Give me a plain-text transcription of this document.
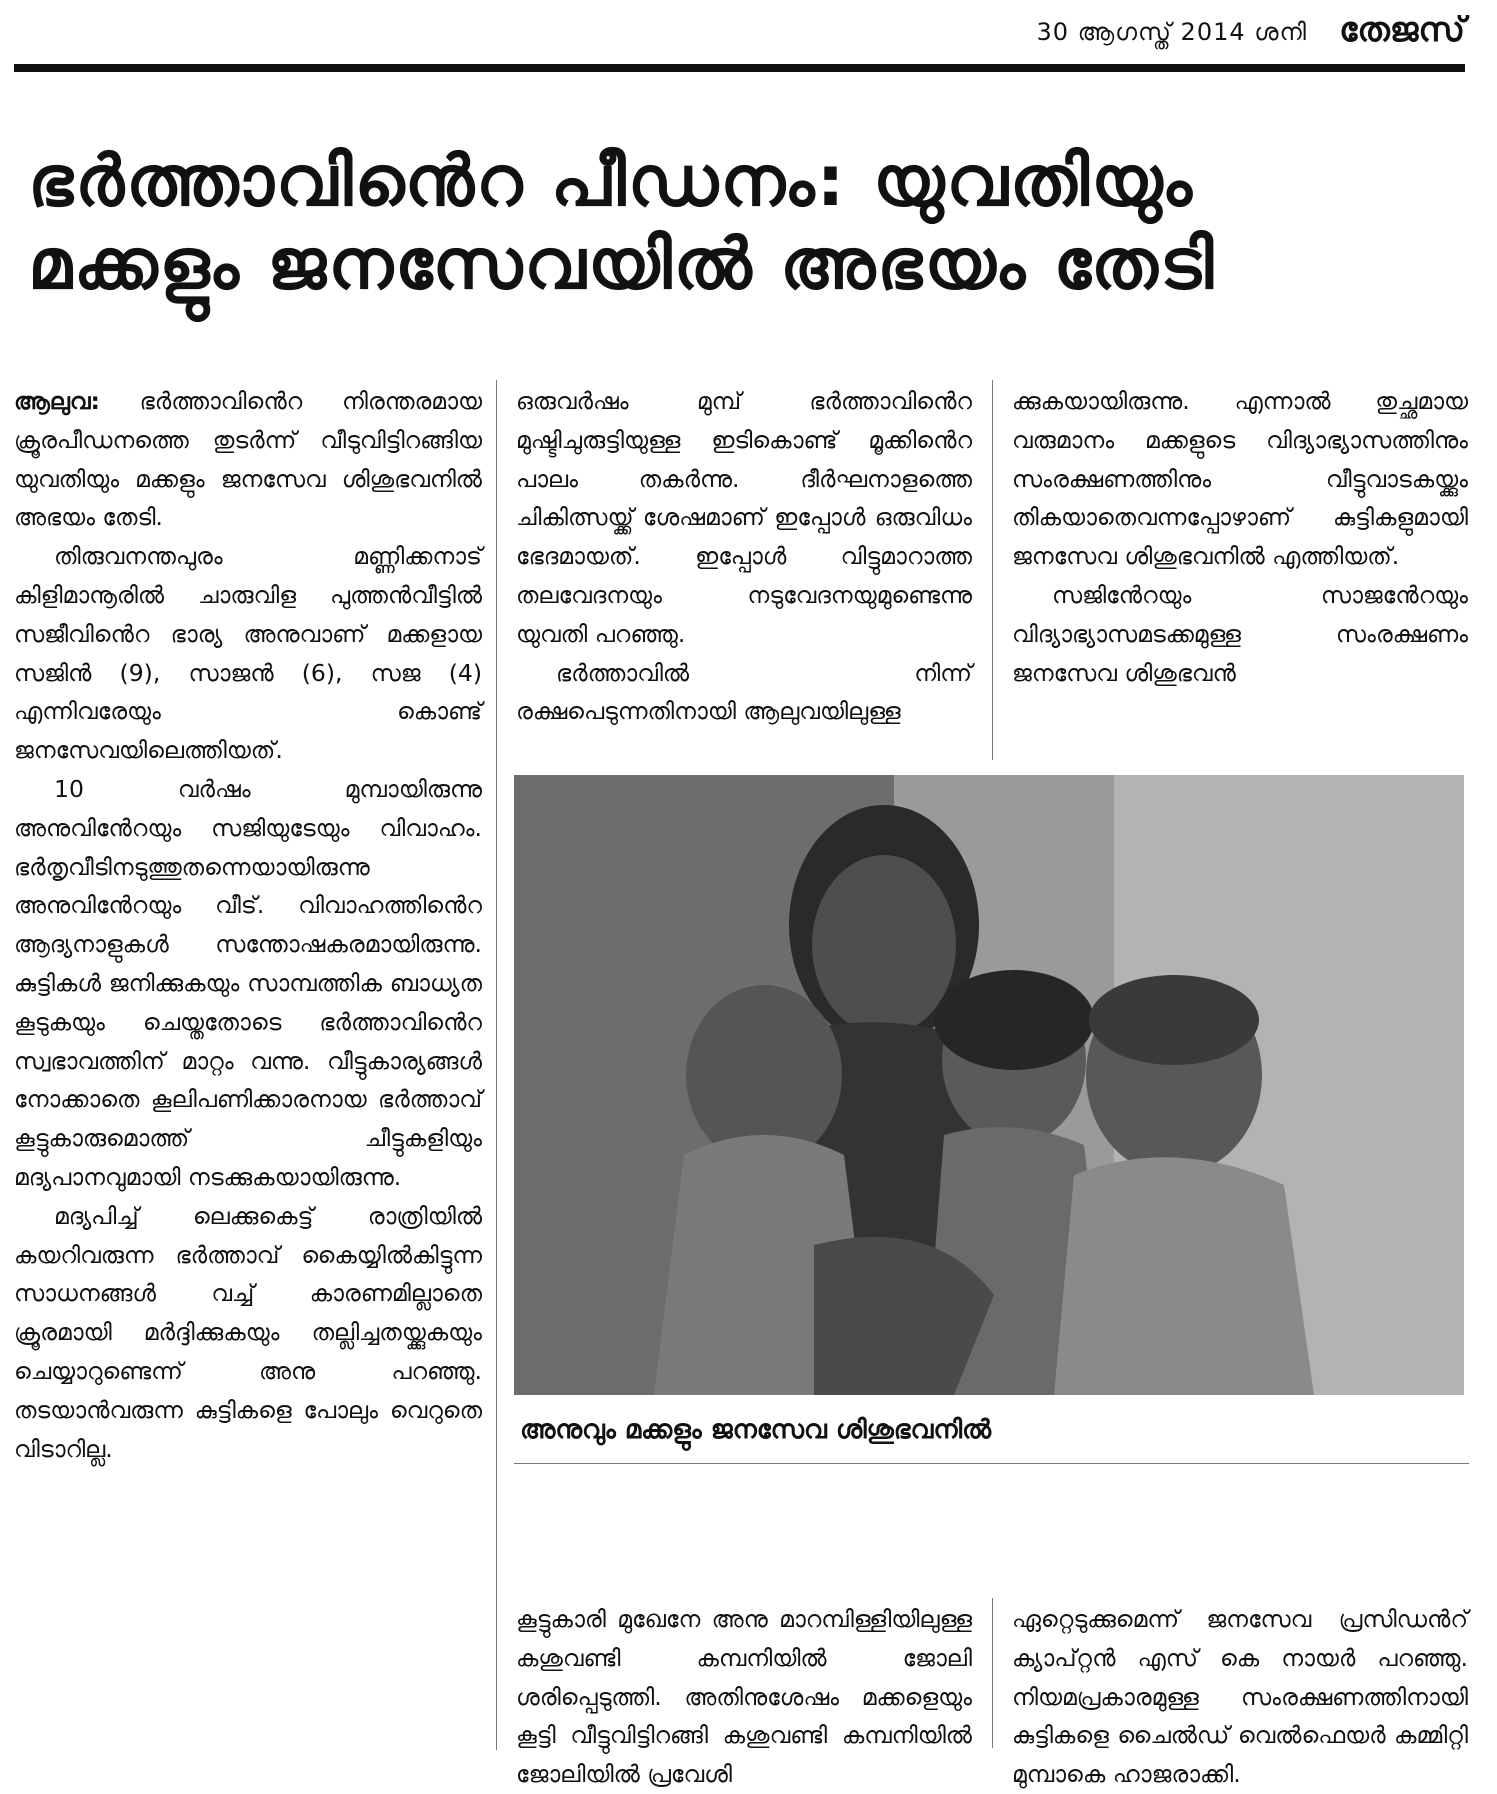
30 ആഗസ്ത് 2014 ശനി തേജസ്
ഭർത്താവിൻെറ പീഡനം: യുവതിയും
മക്കളും ജനസേവയിൽ അഭയം തേടി

ആലുവ: ഭർത്താവിൻെറ നിരന്തരമായ ക്രൂരപീഡനത്തെ തുടർന്ന് വീടുവിട്ടിറങ്ങിയ യുവതിയും മക്കളും ജനസേവ ശിശുഭവനിൽ അഭയം തേടി.

തിരുവനന്തപുരം മണ്ണിക്കനാട് കിളിമാനൂരിൽ ചാരുവിള പുത്തൻവീട്ടിൽ സജീവിൻെറ ഭാര്യ അനുവാണ് മക്കളായ സജിൻ (9), സാജൻ (6), സജ (4) എന്നിവരേയും കൊണ്ട് ജനസേവയിലെത്തിയത്.

10 വർഷം മുമ്പായിരുന്നു അനുവിൻേറയും സജിയുടേയും വിവാഹം. ഭർതൃവീടിനടുത്തുതന്നെയായിരുന്നു അനുവിൻേറയും വീട്. വിവാഹത്തിൻെറ ആദ്യനാളുകൾ സന്തോഷകരമായിരുന്നു. കുട്ടികൾ ജനിക്കുകയും സാമ്പത്തിക ബാധ്യത കൂടുകയും ചെയ്തതോടെ ഭർത്താവിൻെറ സ്വഭാവത്തിന് മാറ്റം വന്നു. വീട്ടുകാര്യങ്ങൾ നോക്കാതെ കൂലിപണിക്കാരനായ ഭർത്താവ് കൂട്ടുകാരുമൊത്ത് ചീട്ടുകളിയും മദ്യപാനവുമായി നടക്കുകയായിരുന്നു.

മദ്യപിച്ച് ലെക്കുകെട്ട് രാത്രിയിൽ കയറിവരുന്ന ഭർത്താവ് കൈയ്യിൽകിട്ടുന്ന സാധനങ്ങൾ വച്ച് കാരണമില്ലാതെ ക്രൂരമായി മർദ്ദിക്കുകയും തല്ലിച്ചതയ്ക്കുകയും ചെയ്യാറുണ്ടെന്ന് അനു പറഞ്ഞു. തടയാൻവരുന്ന കുട്ടികളെ പോലും വെറുതെ വിടാറില്ല.

ഒരുവർഷം മുമ്പ് ഭർത്താവിൻെറ മുഷ്ടിചുരുട്ടിയുള്ള ഇടികൊണ്ട് മൂക്കിൻെറ പാലം തകർന്നു. ദീർഘനാളത്തെ ചികിത്സയ്ക്ക് ശേഷമാണ് ഇപ്പോൾ ഒരുവിധം ഭേദമായത്. ഇപ്പോൾ വിട്ടുമാറാത്ത തലവേദനയും നടുവേദനയുമുണ്ടെന്നു യുവതി പറഞ്ഞു.

ഭർത്താവിൽ നിന്ന് രക്ഷപെടുന്നതിനായി ആലുവയിലുള്ള

ക്കുകയായിരുന്നു. എന്നാൽ തുച്ഛമായ വരുമാനം മക്കളുടെ വിദ്യാഭ്യാസത്തിനും സംരക്ഷണത്തിനും വീട്ടുവാടകയ്ക്കും തികയാതെവന്നപ്പോഴാണ് കുട്ടികളുമായി ജനസേവ ശിശുഭവനിൽ എത്തിയത്.

സജിൻേറയും സാജൻേറയും വിദ്യാഭ്യാസമടക്കമുള്ള സംരക്ഷണം ജനസേവ ശിശുഭവൻ

അനുവും മക്കളും ജനസേവ ശിശുഭവനിൽ

കൂട്ടുകാരി മുഖേനേ അനു മാറമ്പിള്ളിയിലുള്ള കശുവണ്ടി കമ്പനിയിൽ ജോലി ശരിപ്പെടുത്തി. അതിനുശേഷം മക്കളെയും കൂട്ടി വീട്ടുവിട്ടിറങ്ങി കശുവണ്ടി കമ്പനിയിൽ ജോലിയിൽ പ്രവേശി

ഏറ്റെടുക്കുമെന്ന് ജനസേവ പ്രസിഡൻറ് ക്യാപ്റ്റൻ എസ് കെ നായർ പറഞ്ഞു. നിയമപ്രകാരമുള്ള സംരക്ഷണത്തിനായി കുട്ടികളെ ചൈൽഡ് വെൽഫെയർ കമ്മിറ്റി മുമ്പാകെ ഹാജരാക്കി.
